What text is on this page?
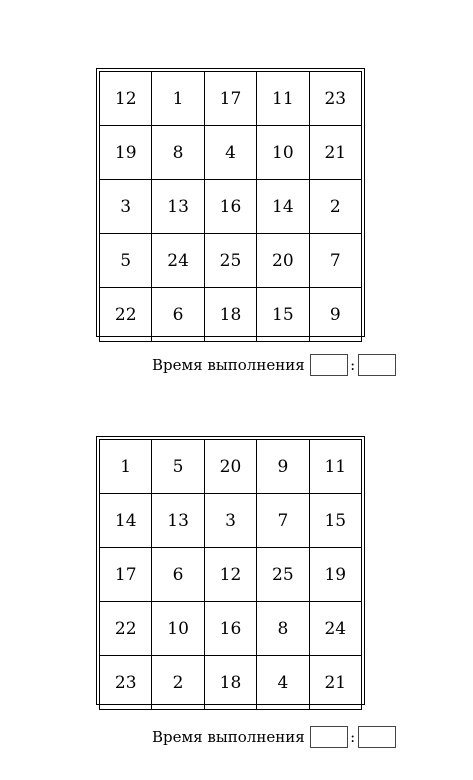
12	1	17	11	23
19	8	4	10	21
3	13	16	14	2
5	24	25	20	7
22	6	18	15	9
Время выполнения	:
1	5	20	9	11
14	13	3	7	15
17	6	12	25	19
22	10	16	8	24
23	2	18	4	21
Время выполнения	:
